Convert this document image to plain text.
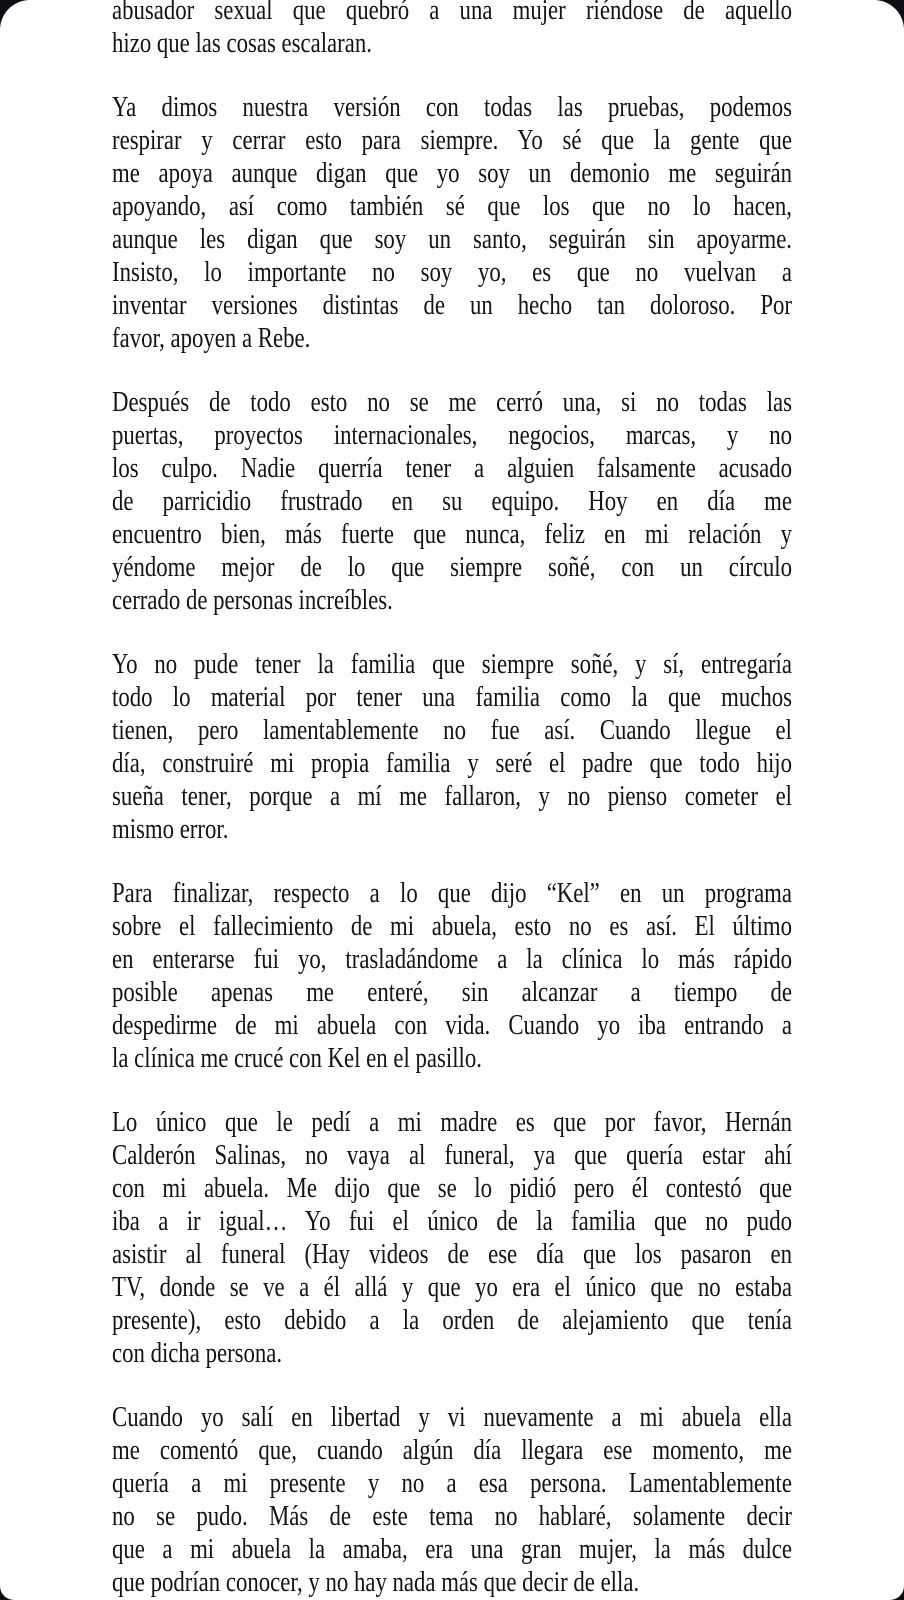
abusador sexual que quebró a una mujer riéndose de aquello
hizo que las cosas escalaran.
Ya dimos nuestra versión con todas las pruebas, podemos
respirar y cerrar esto para siempre. Yo sé que la gente que
me apoya aunque digan que yo soy un demonio me seguirán
apoyando, así como también sé que los que no lo hacen,
aunque les digan que soy un santo, seguirán sin apoyarme.
Insisto, lo importante no soy yo, es que no vuelvan a
inventar versiones distintas de un hecho tan doloroso. Por
favor, apoyen a Rebe.
Después de todo esto no se me cerró una, si no todas las
puertas, proyectos internacionales, negocios, marcas, y no
los culpo. Nadie querría tener a alguien falsamente acusado
de parricidio frustrado en su equipo. Hoy en día me
encuentro bien, más fuerte que nunca, feliz en mi relación y
yéndome mejor de lo que siempre soñé, con un círculo
cerrado de personas increíbles.
Yo no pude tener la familia que siempre soñé, y sí, entregaría
todo lo material por tener una familia como la que muchos
tienen, pero lamentablemente no fue así. Cuando llegue el
día, construiré mi propia familia y seré el padre que todo hijo
sueña tener, porque a mí me fallaron, y no pienso cometer el
mismo error.
Para finalizar, respecto a lo que dijo “Kel” en un programa
sobre el fallecimiento de mi abuela, esto no es así. El último
en enterarse fui yo, trasladándome a la clínica lo más rápido
posible apenas me enteré, sin alcanzar a tiempo de
despedirme de mi abuela con vida. Cuando yo iba entrando a
la clínica me crucé con Kel en el pasillo.
Lo único que le pedí a mi madre es que por favor, Hernán
Calderón Salinas, no vaya al funeral, ya que quería estar ahí
con mi abuela. Me dijo que se lo pidió pero él contestó que
iba a ir igual… Yo fui el único de la familia que no pudo
asistir al funeral (Hay videos de ese día que los pasaron en
TV, donde se ve a él allá y que yo era el único que no estaba
presente), esto debido a la orden de alejamiento que tenía
con dicha persona.
Cuando yo salí en libertad y vi nuevamente a mi abuela ella
me comentó que, cuando algún día llegara ese momento, me
quería a mi presente y no a esa persona. Lamentablemente
no se pudo. Más de este tema no hablaré, solamente decir
que a mi abuela la amaba, era una gran mujer, la más dulce
que podrían conocer, y no hay nada más que decir de ella.
